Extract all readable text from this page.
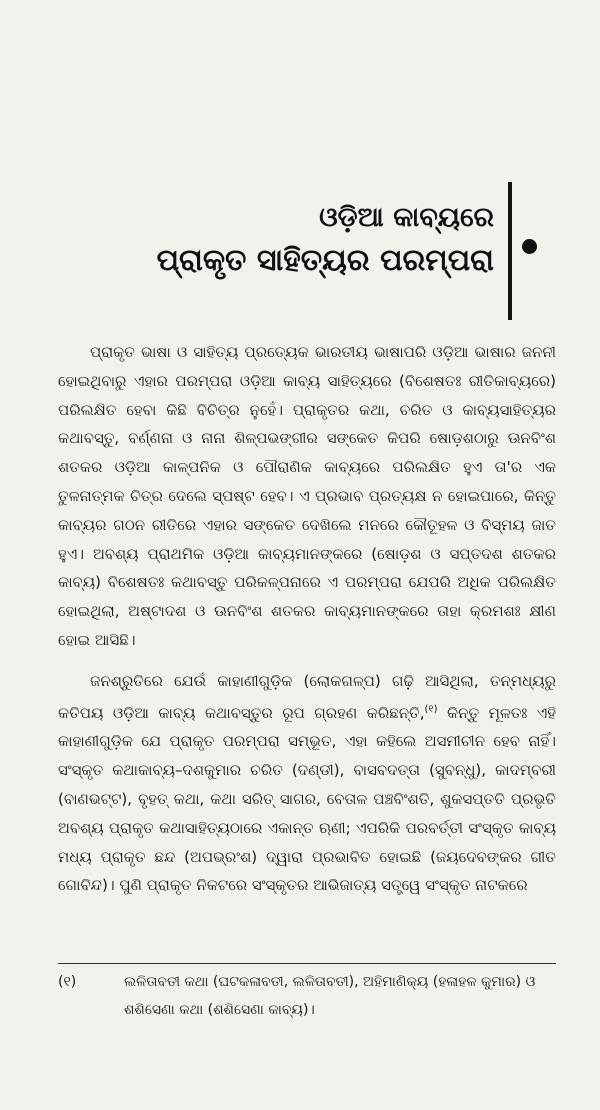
ଓଡ଼ିଆ କାବ୍ୟରେ
ପ୍ରାକୃତ ସାହିତ୍ୟର ପରମ୍ପରା

ପ୍ରାକୃତ ଭାଷା ଓ ସାହିତ୍ୟ ପ୍ରତ୍ୟେକ ଭାରତୀୟ ଭାଷାପରି ଓଡ଼ିଆ ଭାଷାର ଜନନୀ ହୋଇଥିବାରୁ ଏହାର ପରମ୍ପରା ଓଡ଼ିଆ କାବ୍ୟ ସାହିତ୍ୟରେ (ବିଶେଷତଃ ରୀତିକାବ୍ୟରେ) ପରିଲକ୍ଷିତ ହେବା କିଛି ବିଚିତ୍ର ନୁହେଁ। ପ୍ରାକୃତର କଥା, ଚରିତ ଓ କାବ୍ୟସାହିତ୍ୟର କଥାବସ୍ତୁ, ବର୍ଣ୍ଣନା ଓ ନାନା ଶିଳ୍ପଭଙ୍ଗୀର ସଙ୍କେତ କିପରି ଷୋଡ଼ଶଠାରୁ ଊନବିଂଶ ଶତକର ଓଡ଼ିଆ କାଳ୍ପନିକ ଓ ପୌରାଣିକ କାବ୍ୟରେ ପରିଲକ୍ଷିତ ହୁଏ ତା'ର ଏକ ତୁଳନାତ୍ମକ ଚିତ୍ର ଦେଲେ ସ୍ପଷ୍ଟ ହେବ। ଏ ପ୍ରଭାବ ପ୍ରତ୍ୟକ୍ଷ ନ ହୋଇପାରେ, କିନ୍ତୁ କାବ୍ୟର ଗଠନ ରୀତିରେ ଏହାର ସଙ୍କେତ ଦେଖିଲେ ମନରେ କୌତୂହଳ ଓ ବିସ୍ମୟ ଜାତ ହୁଏ। ଅବଶ୍ୟ ପ୍ରାଥମିକ ଓଡ଼ିଆ କାବ୍ୟମାନଙ୍କରେ (ଷୋଡ଼ଶ ଓ ସପ୍ତଦଶ ଶତକର କାବ୍ୟ) ବିଶେଷତଃ କଥାବସ୍ତୁ ପରିକଳ୍ପନାରେ ଏ ପରମ୍ପରା ଯେପରି ଅଧିକ ପରିଲକ୍ଷିତ ହୋଇଥିଲା, ଅଷ୍ଟାଦଶ ଓ ଊନବିଂଶ ଶତକର କାବ୍ୟମାନଙ୍କରେ ତାହା କ୍ରମଶଃ କ୍ଷୀଣ ହୋଇ ଆସିଛି।

ଜନଶ୍ରୁତିରେ ଯେଉଁ କାହାଣୀଗୁଡ଼ିକ (ଲୋକଗଳ୍ପ) ଗଢ଼ି ଆସିଥିଲା, ତନ୍ମଧ୍ୟରୁ କତିପୟ ଓଡ଼ିଆ କାବ୍ୟ କଥାବସ୍ତୁର ରୂପ ଗ୍ରହଣ କରିଛନ୍ତି,$^{(୧)}$ କିନ୍ତୁ ମୂଳତଃ ଏହି କାହାଣୀଗୁଡ଼ିକ ଯେ ପ୍ରାକୃତ ପରମ୍ପରା ସମ୍ଭୂତ, ଏହା କହିଲେ ଅସମୀଚୀନ ହେବ ନାହିଁ। ସଂସ୍କୃତ କଥାକାବ୍ୟ–ଦଶକୁମାର ଚରିତ (ଦଣ୍ଡୀ), ବାସବଦତ୍ତା (ସୁବନ୍ଧୁ), କାଦମ୍ବରୀ (ବାଣଭଟ୍ଟ), ବୃହତ୍ କଥା, କଥା ସରିତ୍ ସାଗର, ବେତାଳ ପଞ୍ଚବିଂଶତି, ଶୁକସପ୍ତତି ପ୍ରଭୃତି ଅବଶ୍ୟ ପ୍ରାକୃତ କଥାସାହିତ୍ୟଠାରେ ଏକାନ୍ତ ଋଣୀ; ଏପରିକି ପରବର୍ତ୍ତୀ ସଂସ୍କୃତ କାବ୍ୟ ମଧ୍ୟ ପ୍ରାକୃତ ଛନ୍ଦ (ଅପଭ୍ରଂଶ) ଦ୍ୱାରା ପ୍ରଭାବିତ ହୋଇଛି (ଜୟଦେବଙ୍କର ଗୀତ ଗୋବିନ୍ଦ)। ପୁଣି ପ୍ରାକୃତ ନିକଟରେ ସଂସ୍କୃତର ଆଭିଜାତ୍ୟ ସତ୍ତ୍ୱେ ସଂସ୍କୃତ ନାଟକରେ

(୧)	ଲଳିତାବତୀ କଥା (ଘଟକଳାବତୀ, ଲଳିତାବତୀ), ଅହିମାଣିକ୍ୟ (ହଳାହଳ କୁମାର) ଓ ଶଶିସେଣା କଥା (ଶଶିସେଣା କାବ୍ୟ)।
